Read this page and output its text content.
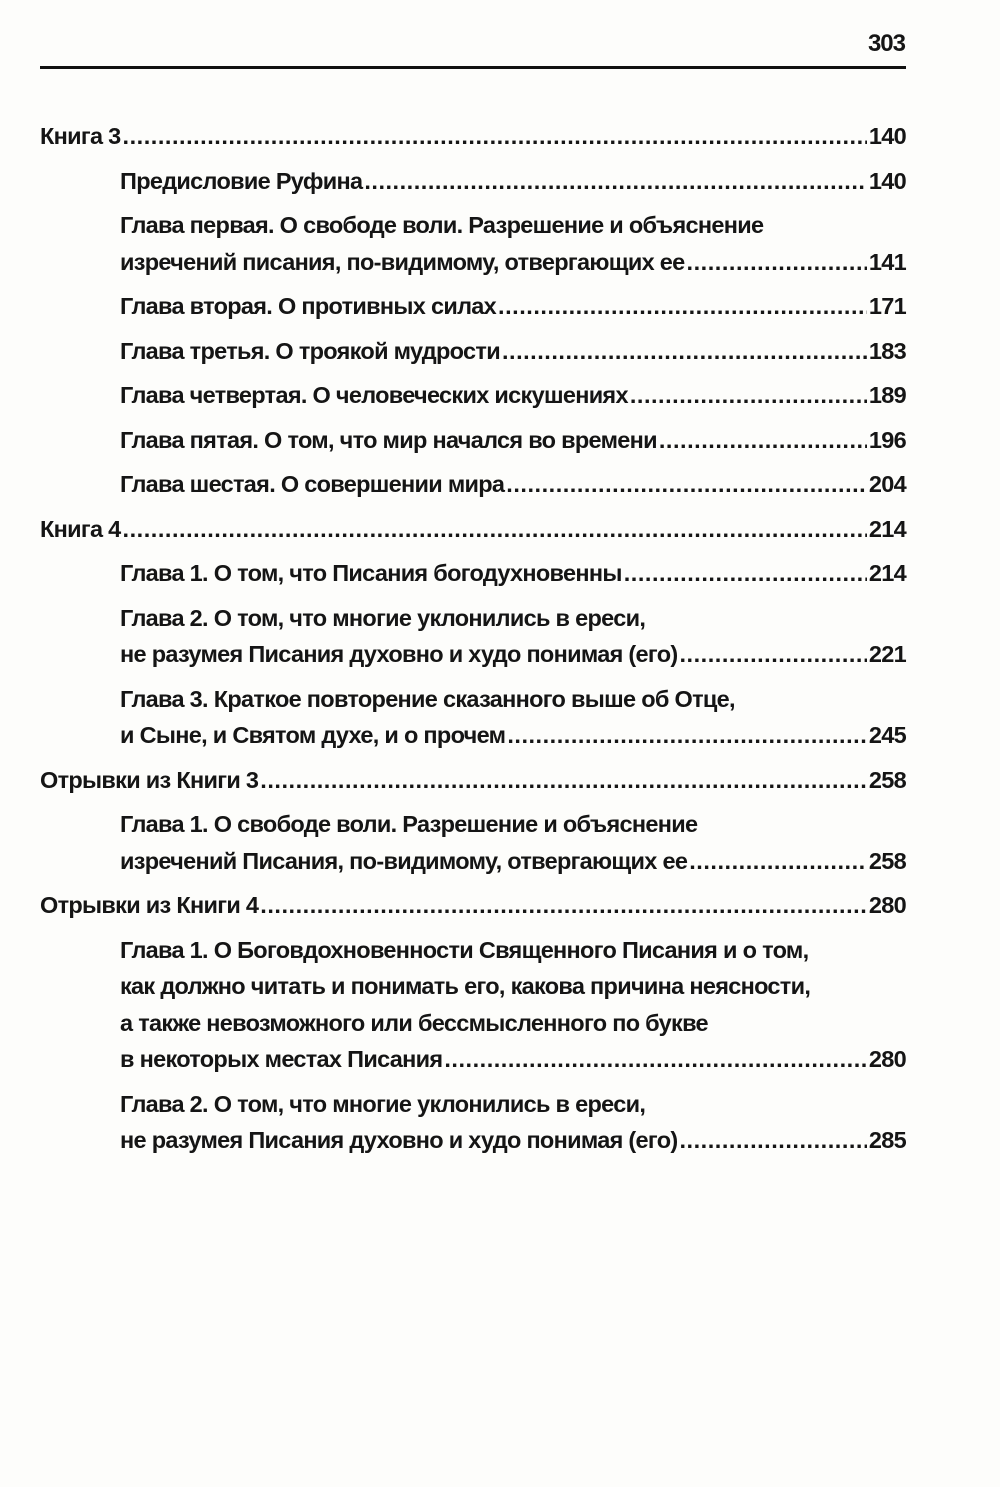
303
Книга 3 . . .	140
Предисловие Руфина . . .	140
Глава первая. О свободе воли. Разрешение и объяснение
изречений писания, по-видимому, отвергающих ее . . .	141
Глава вторая. О противных силах . . .	171
Глава третья. О троякой мудрости . . .	183
Глава четвертая. О человеческих искушениях . . .	189
Глава пятая. О том, что мир начался во времени . . .	196
Глава шестая. О совершении мира . . .	204
Книга 4 . . .	214
Глава 1. О том, что Писания богодухновенны . . .	214
Глава 2. О том, что многие уклонились в ереси,
не разумея Писания духовно и худо понимая (его) . . .	221
Глава 3. Краткое повторение сказанного выше об Отце,
и Сыне, и Святом духе, и о прочем . . .	245
Отрывки из Книги 3 . . .	258
Глава 1. О свободе воли. Разрешение и объяснение
изречений Писания, по-видимому, отвергающих ее . . .	258
Отрывки из Книги 4 . . .	280
Глава 1. О Боговдохновенности Священного Писания и о том,
как должно читать и понимать его, какова причина неясности,
а также невозможного или бессмысленного по букве
в некоторых местах Писания . . .	280
Глава 2. О том, что многие уклонились в ереси,
не разумея Писания духовно и худо понимая (его) . . .	285
